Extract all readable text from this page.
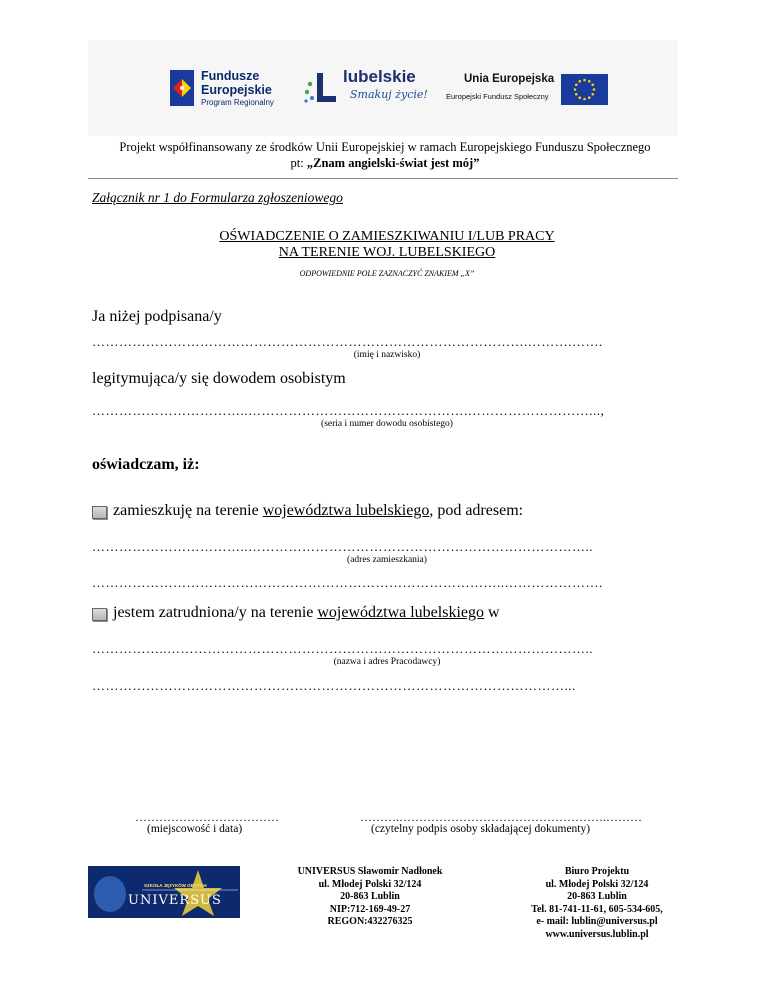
Fundusze
Europejskie
Program Regionalny
lubelskie
Smakuj życie!
Unia Europejska
Europejski Fundusz Społeczny
Projekt współfinansowany ze środków Unii Europejskiej w ramach Europejskiego Funduszu Społecznego
pt: „Znam angielski-świat jest mój”
Załącznik nr 1 do Formularza zgłoszeniowego
OŚWIADCZENIE O ZAMIESZKIWANIU I/LUB PRACY
NA TERENIE WOJ. LUBELSKIEGO
ODPOWIEDNIE POLE ZAZNACZYĆ ZNAKIEM „X”
Ja niżej podpisana/y
…………………………………………………………………………………….……….…….
(imię i nazwisko)
legitymująca/y się dowodem osobistym
……………………………..………………………………………….………………………...,
(seria i numer dowodu osobistego)
oświadczam, iż:
zamieszkuję na terenie województwa lubelskiego, pod adresem:
……………………………..…………………………………………………………………..
(adres zamieszkania)
………………………………………………………………………………..………………….
jestem zatrudniona/y na terenie województwa lubelskiego w
……………..…………………………………………………………………………………..
(nazwa i adres Pracodawcy)
……………………………………………………………………………………………...
………………………………
(miejscowość i data)
……….…………………………………………….………
(czytelny podpis osoby składającej dokumenty)
SZKOŁA JĘZYKÓW OBCYCH
UNIVERSUS
UNIVERSUS Sławomir Nadłonek
ul. Młodej Polski 32/124
20-863 Lublin
NIP:712-169-49-27
REGON:432276325
Biuro Projektu
ul. Młodej Polski 32/124
20-863 Lublin
Tel. 81-741-11-61, 605-534-605,
e- mail: lublin@universus.pl
www.universus.lublin.pl
